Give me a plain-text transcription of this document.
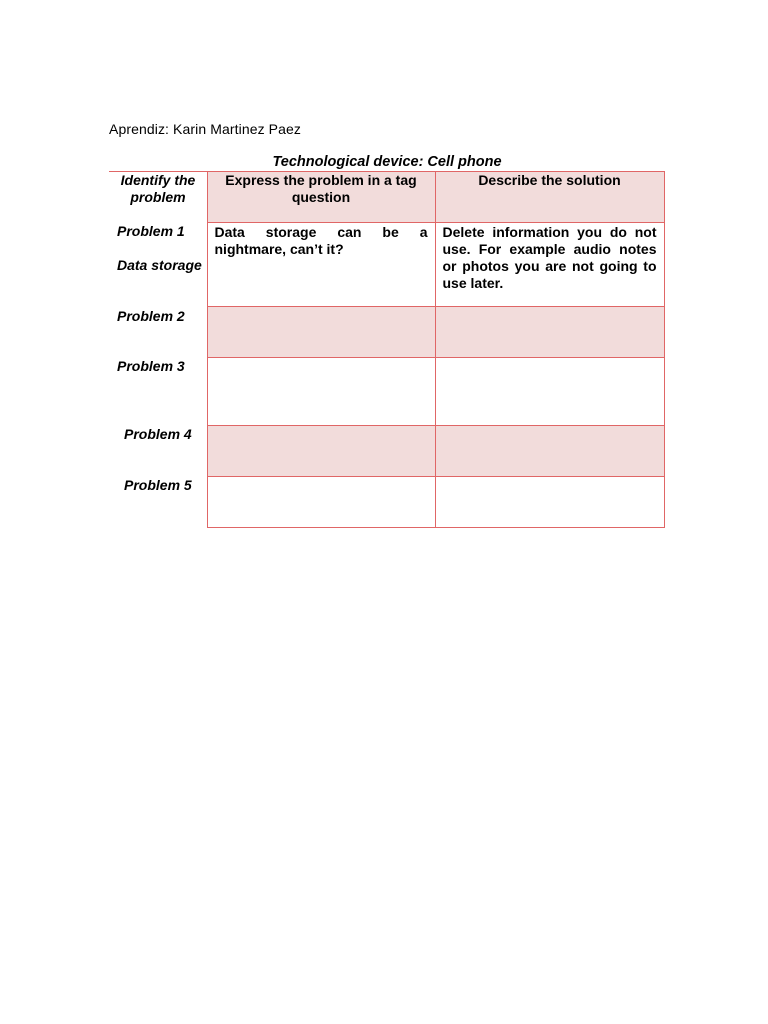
Aprendiz: Karin Martinez Paez
Technological device: Cell phone
Identify the problem	Express the problem in a tag question	Describe the solution

Problem 1
Data storage	Data storage can be a nightmare, can’t it?	Delete information you do not use. For example audio notes or photos you are not going to use later.

Problem 2		

Problem 3		

Problem 4		

Problem 5		
